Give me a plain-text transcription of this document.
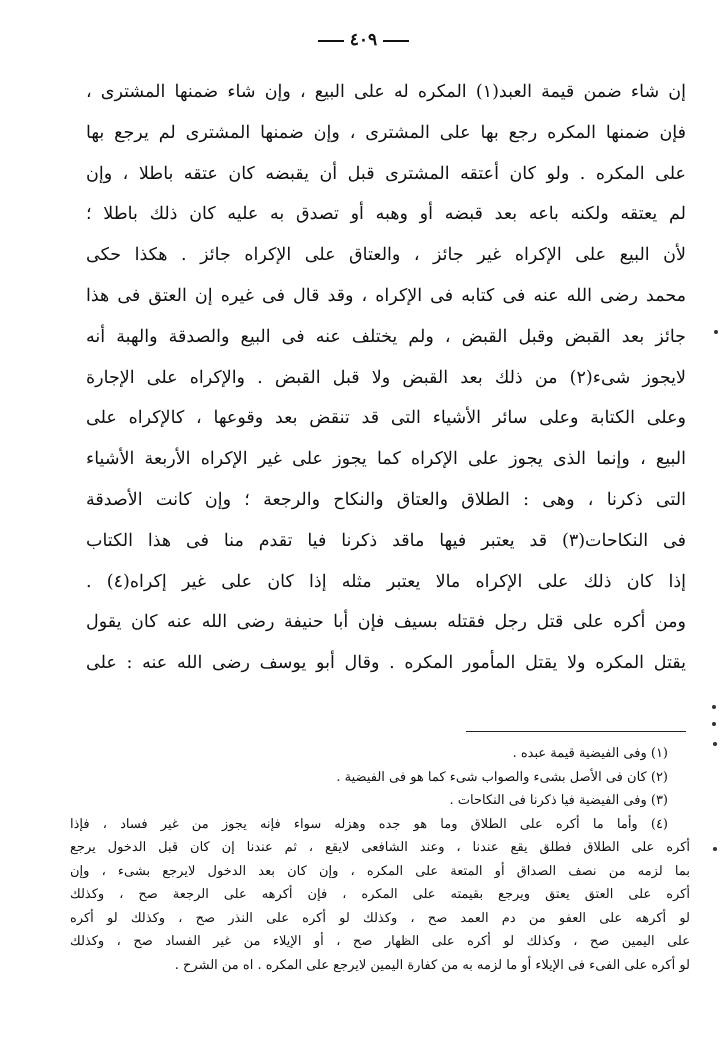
٤٠٩
إن شاء ضمن قيمة العبد(١) المكره له على البيع ، وإن شاء ضمنها المشترى ،
فإن ضمنها المكره رجع بها على المشترى ، وإن ضمنها المشترى لم يرجع بها
على المكره . ولو كان أعتقه المشترى قبل أن يقبضه كان عتقه باطلا ، وإن
لم يعتقه ولكنه باعه بعد قبضه أو وهبه أو تصدق به عليه كان ذلك باطلا ؛
لأن البيع على الإكراه غير جائز ، والعتاق على الإكراه جائز . هكذا حكى
محمد رضى الله عنه فى كتابه فى الإكراه ، وقد قال فى غيره إن العتق فى هذا
جائز بعد القبض وقبل القبض ، ولم يختلف عنه فى البيع والصدقة والهبة أنه
لايجوز شىء(٢) من ذلك بعد القبض ولا قبل القبض . والإكراه على الإجارة
وعلى الكتابة وعلى سائر الأشياء التى قد تنقض بعد وقوعها ، كالإكراه على
البيع ، وإنما الذى يجوز على الإكراه كما يجوز على غير الإكراه الأربعة الأشياء
التى ذكرنا ، وهى : الطلاق والعتاق والنكاح والرجعة ؛ وإن كانت الأصدقة
فى النكاحات(٣) قد يعتبر فيها ماقد ذكرنا فيا تقدم منا فى هذا الكتاب
إذا كان ذلك على الإكراه مالا يعتبر مثله إذا كان على غير إكراه(٤) .
ومن أكره على قتل رجل فقتله بسيف فإن أبا حنيفة رضى الله عنه كان يقول
يقتل المكره ولا يقتل المأمور المكره . وقال أبو يوسف رضى الله عنه : على
(١) وفى الفيضية قيمة عبده .
(٢) كان فى الأصل بشىء والصواب شىء كما هو فى الفيضية .
(٣) وفى الفيضية فيا ذكرنا فى النكاحات .
(٤) وأما ما أكره على الطلاق وما هو جده وهزله سواء فإنه يجوز من غير فساد ، فإذا
أكره على الطلاق فطلق يقع عندنا ، وعند الشافعى لايقع ، ثم عندنا إن كان قبل الدخول يرجع
بما لزمه من نصف الصداق أو المتعة على المكره ، وإن كان بعد الدخول لايرجع بشىء ، وإن
أكره على العتق يعتق ويرجع بقيمته على المكره ، فإن أكرهه على الرجعة صح ، وكذلك
لو أكرهه على العفو من دم العمد صح ، وكذلك لو أكره على النذر صح ، وكذلك لو أكره
على اليمين صح ، وكذلك لو أكره على الظهار صح ، أو الإيلاء من غير الفساد صح ، وكذلك
لو أكره على الفىء فى الإيلاء أو ما لزمه به من كفارة اليمين لايرجع على المكره . اه من الشرح .
